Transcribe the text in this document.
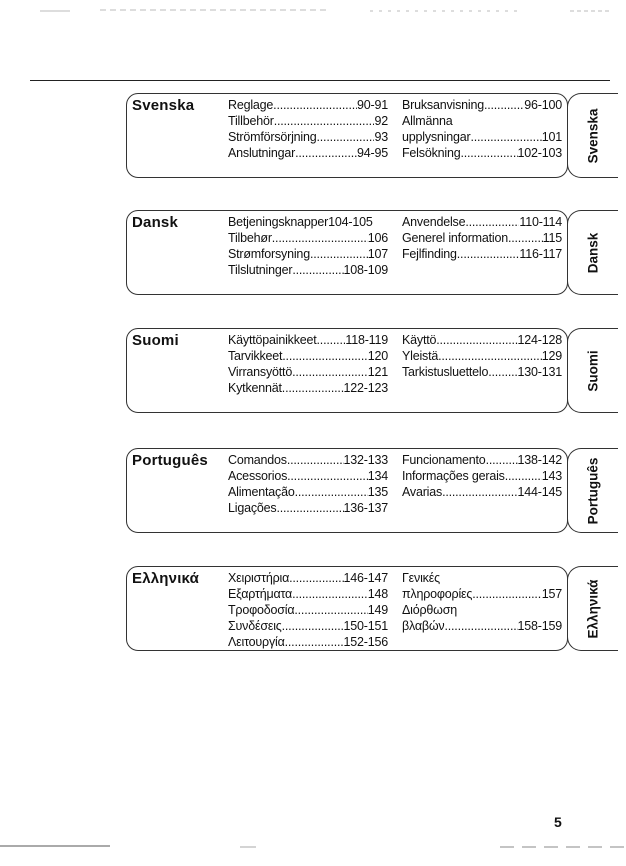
Svenska	Reglage .....	90-91
Tillbehör .....	92
Strömförsörjning .....	93
Anslutningar .....	94-95
Bruksanvisning .....	96-100
Allmänna
upplysningar .....	101
Felsökning .....	102-103 Svenska
Dansk	Betjeningsknapper104-105
Tilbehør .....	106
Strømforsyning .....	107
Tilslutninger .....	108-109
Anvendelse .....	110-114
Generel information .....	115
Fejlfinding .....	116-117 Dansk
Suomi	Käyttöpainikkeet ..... 118-119
Tarvikkeet .....	120
Virransyöttö .....	121
Kytkennät .....	122-123
Käyttö .....	124-128
Yleistä .....	129
Tarkistusluettelo ..... 130-131 Suomi
Português Comandos .....	132-133
Acessorios .....	134
Alimentação .....	135
Ligações .....	136-137
Funcionamento .....	138-142
Informações gerais .....	143
Avarias .....	144-145 Português
Ελληνικά Χειριστήρια .....	146-147
Εξαρτήματα .....	148
Τροφοδοσία .....	149
Συνδέσεις .....	150-151
Λειτουργία .....	152-156
Γενικές
πληροφορίες .....	157
Διόρθωση
βλαβών .....	158-159 Ελληνικά
5
